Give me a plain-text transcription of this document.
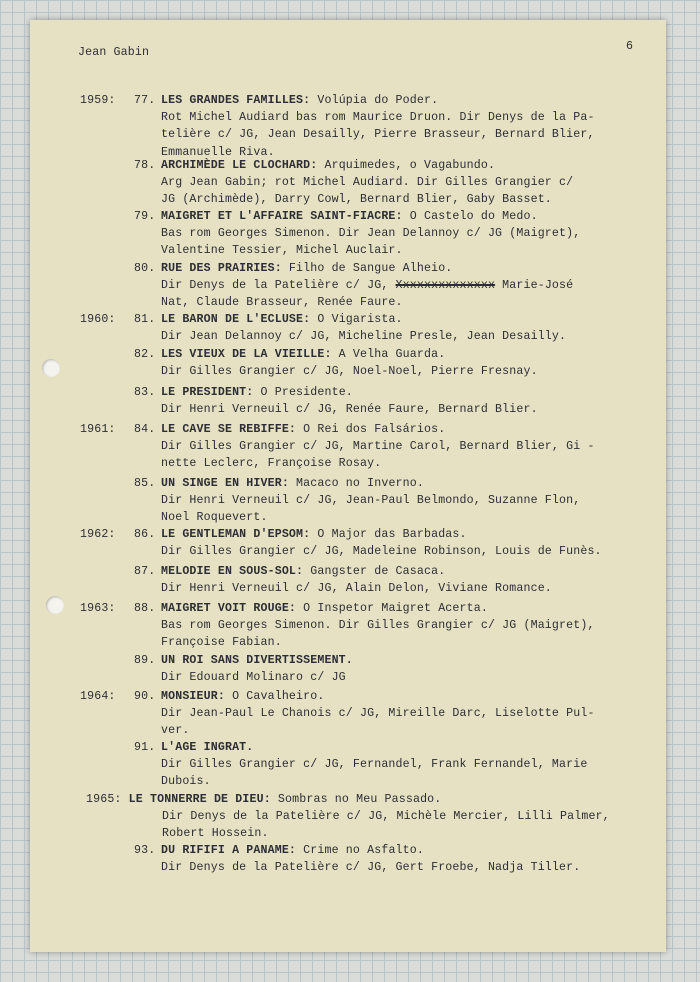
Jean Gabin	6
1959: 77. LES GRANDES FAMILLES: Volúpia do Poder.
Rot Michel Audiard bas rom Maurice Druon. Dir Denys de la Pa-
telière c/ JG, Jean Desailly, Pierre Brasseur, Bernard Blier,
Emmanuelle Riva.
78. ARCHIMÈDE LE CLOCHARD: Arquimedes, o Vagabundo.
Arg Jean Gabin; rot Michel Audiard. Dir Gilles Grangier c/
JG (Archimède), Darry Cowl, Bernard Blier, Gaby Basset.
79. MAIGRET ET L'AFFAIRE SAINT-FIACRE: O Castelo do Medo.
Bas rom Georges Simenon. Dir Jean Delannoy c/ JG (Maigret),
Valentine Tessier, Michel Auclair.
80. RUE DES PRAIRIES: Filho de Sangue Alheio.
Dir Denys de la Patelière c/ JG, Xxxxxxxxxxxxxx Marie-José
Nat, Claude Brasseur, Renée Faure.
1960: 81. LE BARON DE L'ECLUSE: O Vigarista.
Dir Jean Delannoy c/ JG, Micheline Presle, Jean Desailly.
82. LES VIEUX DE LA VIEILLE: A Velha Guarda.
Dir Gilles Grangier c/ JG, Noel-Noel, Pierre Fresnay.
83. LE PRESIDENT: O Presidente.
Dir Henri Verneuil c/ JG, Renée Faure, Bernard Blier.
1961: 84. LE CAVE SE REBIFFE: O Rei dos Falsários.
Dir Gilles Grangier c/ JG, Martine Carol, Bernard Blier, Gi -
nette Leclerc, Françoise Rosay.
85. UN SINGE EN HIVER: Macaco no Inverno.
Dir Henri Verneuil c/ JG, Jean-Paul Belmondo, Suzanne Flon,
Noel Roquevert.
1962: 86. LE GENTLEMAN D'EPSOM: O Major das Barbadas.
Dir Gilles Grangier c/ JG, Madeleine Robinson, Louis de Funès.
87. MELODIE EN SOUS-SOL: Gangster de Casaca.
Dir Henri Verneuil c/ JG, Alain Delon, Viviane Romance.
1963: 88. MAIGRET VOIT ROUGE: O Inspetor Maigret Acerta.
Bas rom Georges Simenon. Dir Gilles Grangier c/ JG (Maigret),
Françoise Fabian.
89. UN ROI SANS DIVERTISSEMENT.
Dir Edouard Molinaro c/ JG
1964: 90. MONSIEUR: O Cavalheiro.
Dir Jean-Paul Le Chanois c/ JG, Mireille Darc, Liselotte Pul-
ver.
91. L'AGE INGRAT.
Dir Gilles Grangier c/ JG, Fernandel, Frank Fernandel, Marie
Dubois.
1965: LE TONNERRE DE DIEU: Sombras no Meu Passado.
Dir Denys de la Patelière c/ JG, Michèle Mercier, Lilli Palmer,
Robert Hossein.
93. DU RIFIFI A PANAME: Crime no Asfalto.
Dir Denys de la Patelière c/ JG, Gert Froebe, Nadja Tiller.
